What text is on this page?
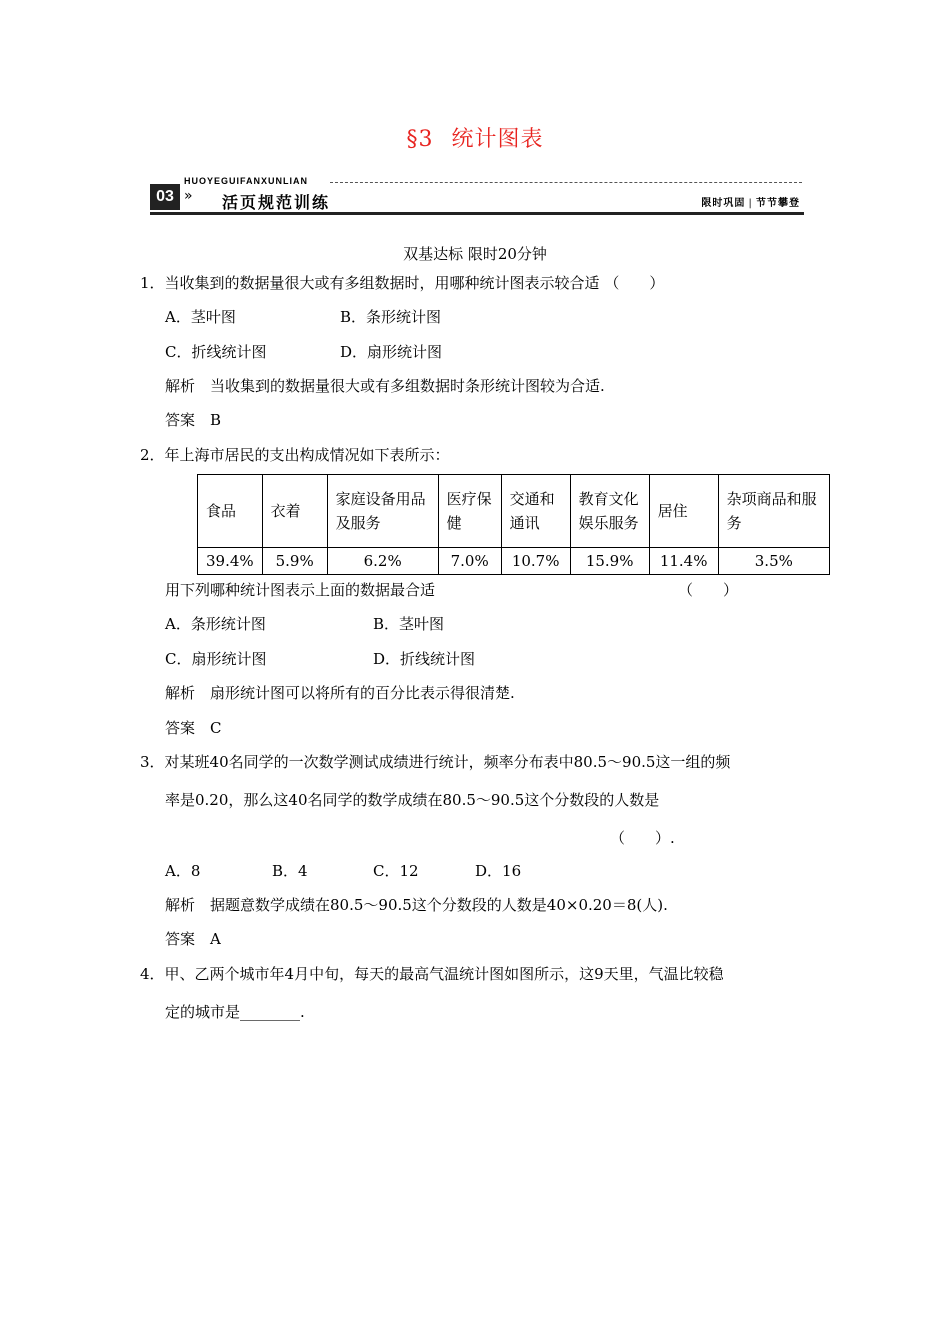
§3 统计图表
03
HUOYEGUIFANXUNLIAN
» 活页规范训练	限时巩固 | 节节攀登
双基达标 限时20分钟
1．当收集到的数据量很大或有多组数据时，用哪种统计图表示较合适 （　　）
A．茎叶图	B．条形统计图
C．折线统计图	D．扇形统计图
解析　当收集到的数据量很大或有多组数据时条形统计图较为合适.
答案　B
2．年上海市居民的支出构成情况如下表所示：
食品	衣着	家庭设备用品及服务	医疗保健	交通和通讯	教育文化娱乐服务	居住	杂项商品和服务
39.4%	5.9%	6.2%	7.0%	10.7%	15.9%	11.4%	3.5%
用下列哪种统计图表示上面的数据最合适	（　　）
A．条形统计图	B．茎叶图
C．扇形统计图	D．折线统计图
解析　扇形统计图可以将所有的百分比表示得很清楚.
答案　C
3．对某班40名同学的一次数学测试成绩进行统计，频率分布表中80.5～90.5这一组的频
率是0.20，那么这40名同学的数学成绩在80.5～90.5这个分数段的人数是
（　　）.
A．8	B．4	C．12	D．16
解析　据题意数学成绩在80.5～90.5这个分数段的人数是40×0.20＝8(人).
答案　A
4．甲、乙两个城市年4月中旬，每天的最高气温统计图如图所示，这9天里，气温比较稳
定的城市是________.
